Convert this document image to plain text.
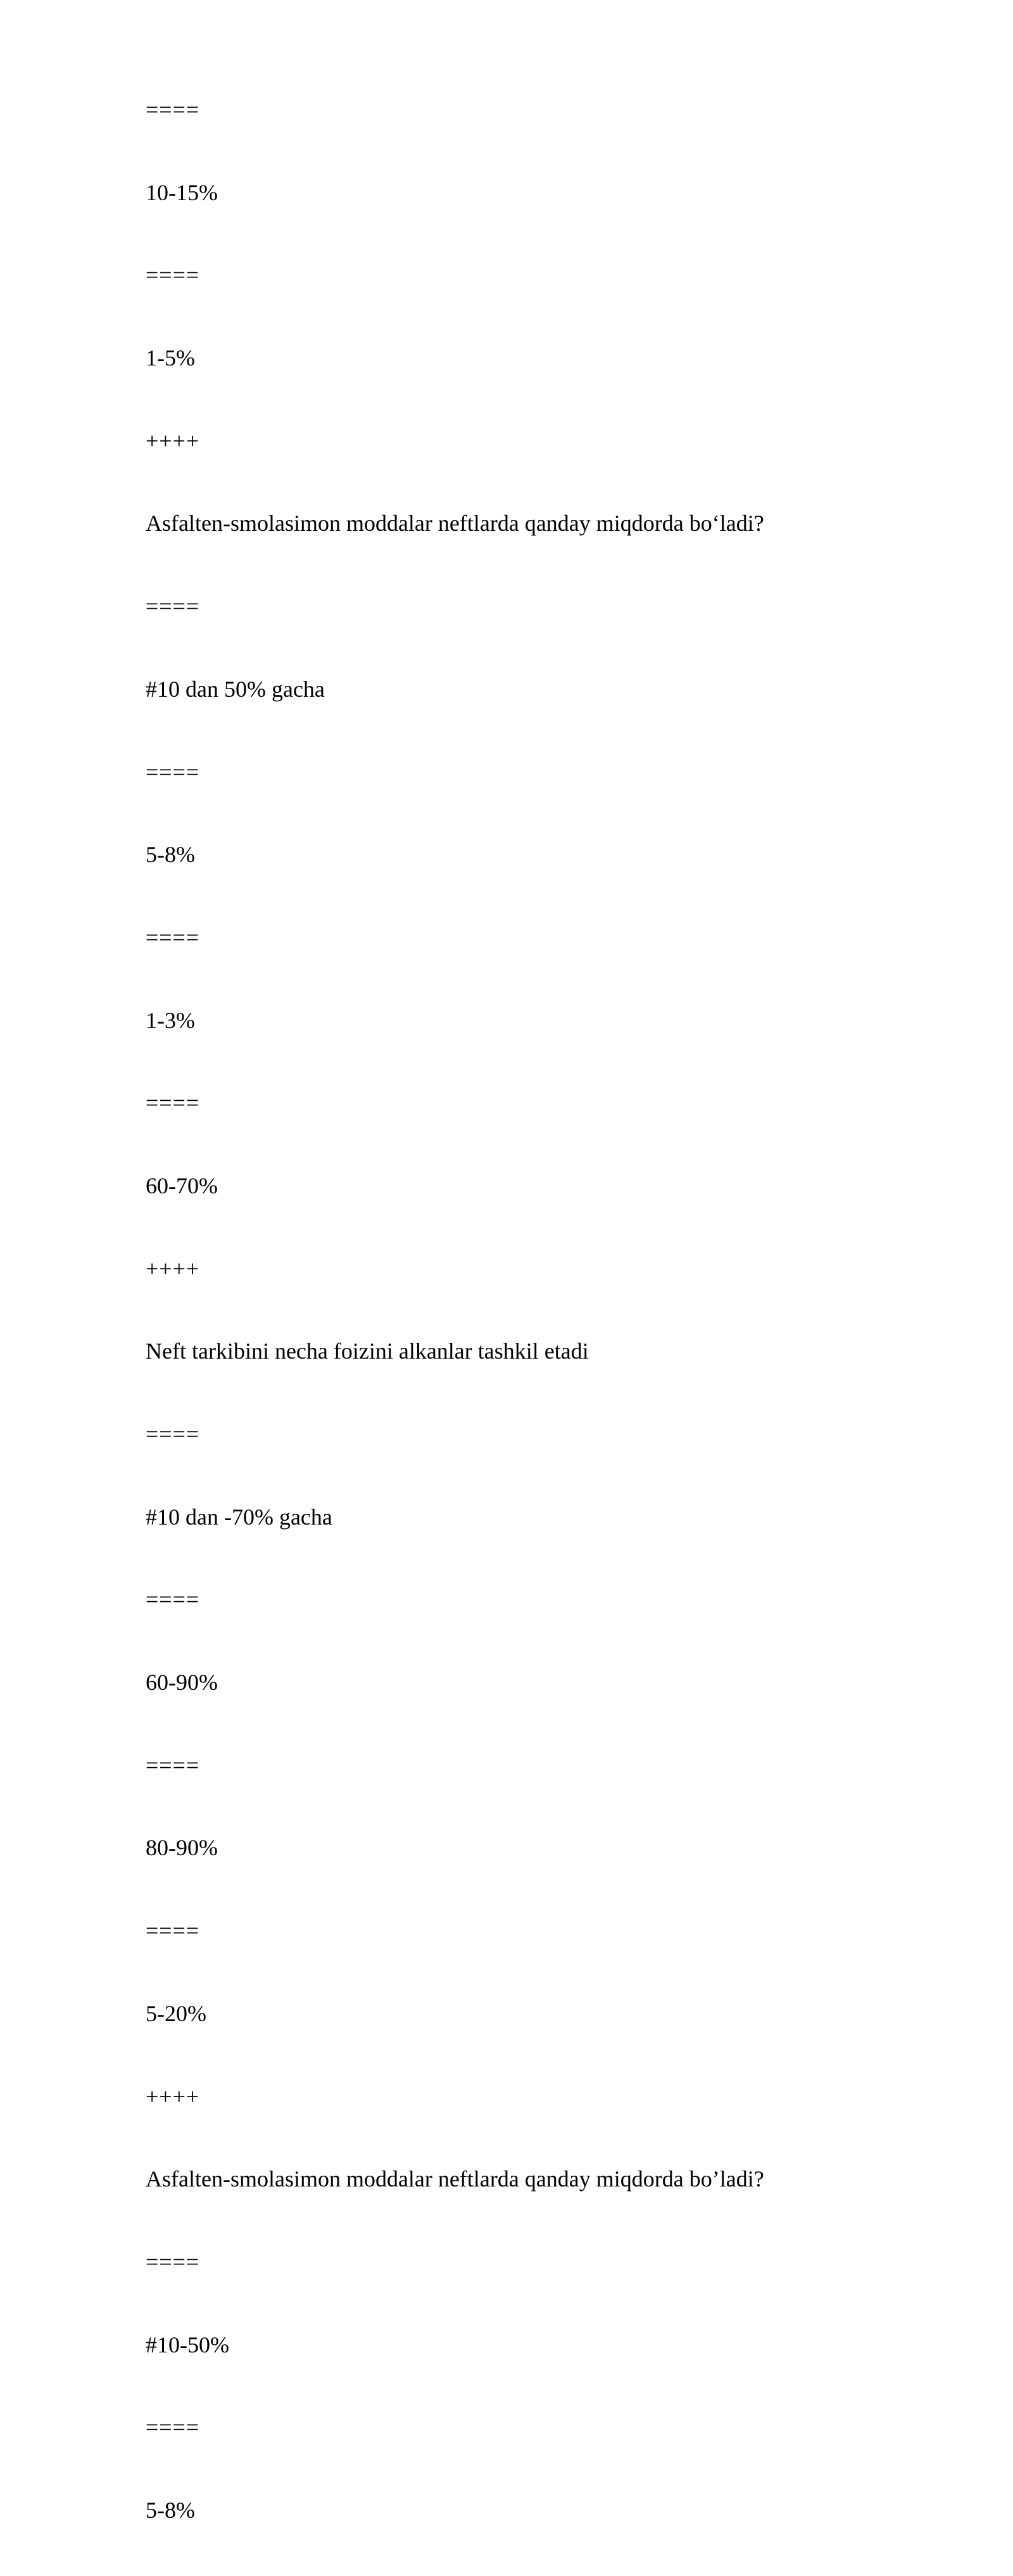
====
10-15%
====
1-5%
++++
Asfalten-smolasimon moddalar neftlarda qanday miqdorda bo‘ladi?
====
#10 dan 50% gacha
====
5-8%
====
1-3%
====
60-70%
++++
Neft tarkibini necha foizini alkanlar tashkil etadi
====
#10 dan -70% gacha
====
60-90%
====
80-90%
====
5-20%
++++
Asfalten-smolasimon moddalar neftlarda qanday miqdorda bo’ladi?
====
#10-50%
====
5-8%
